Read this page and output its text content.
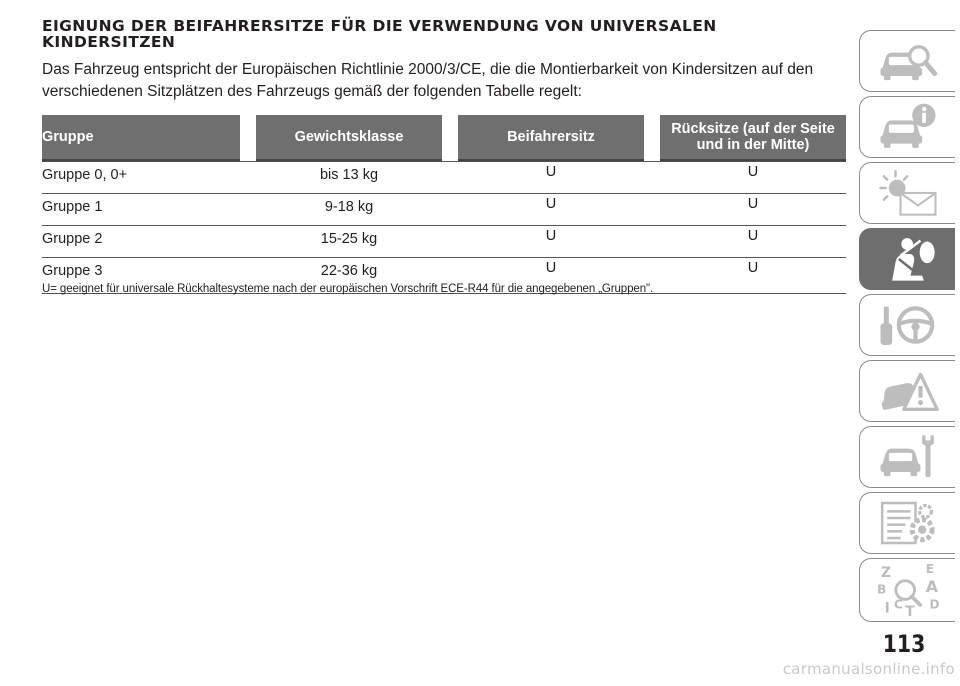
EIGNUNG DER BEIFAHRERSITZE FÜR DIE VERWENDUNG VON UNIVERSALEN KINDERSITZEN

Das Fahrzeug entspricht der Europäischen Richtlinie 2000/3/CE, die die Montierbarkeit von Kindersitzen auf den verschiedenen Sitzplätzen des Fahrzeugs gemäß der folgenden Tabelle regelt:

Gruppe		Gewichtsklasse		Beifahrersitz		Rücksitze (auf der Seite und in der Mitte)
Gruppe 0, 0+		bis 13 kg		U		U
Gruppe 1		9-18 kg		U		U
Gruppe 2		15-25 kg		U		U
Gruppe 3		22-36 kg		U		U

U= geeignet für universale Rückhaltesysteme nach der europäischen Vorschrift ECE-R44 für die angegebenen „Gruppen".

113
carmanualsonline.info
Z	E
B A
C D
I T
